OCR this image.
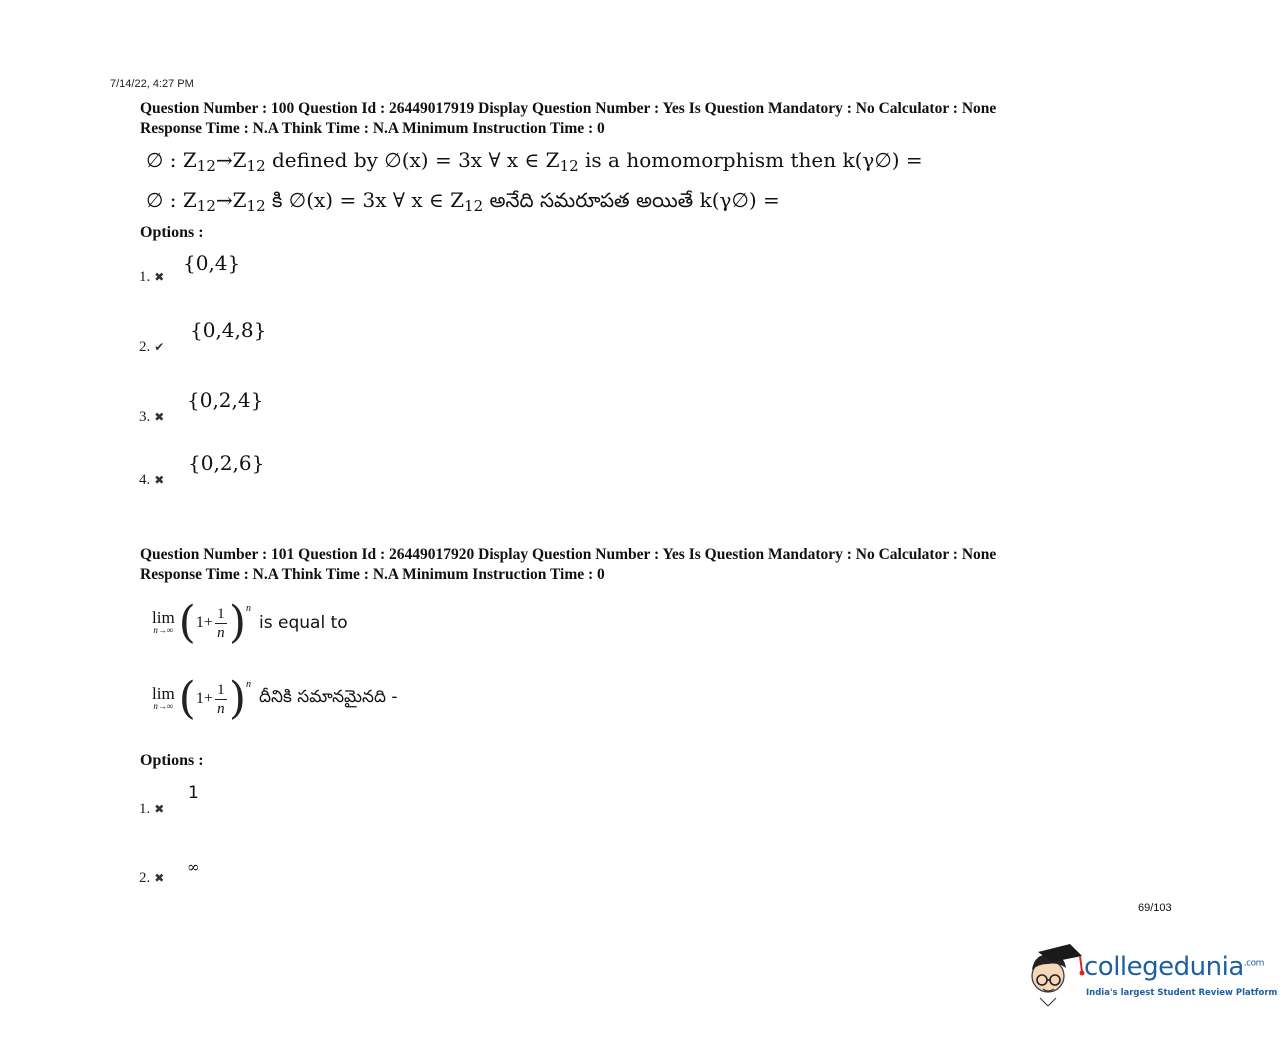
7/14/22, 4:27 PM
Question Number : 100 Question Id : 26449017919 Display Question Number : Yes Is Question Mandatory : No Calculator : None
Response Time : N.A Think Time : N.A Minimum Instruction Time : 0
∅ : $Z_{12}\to Z_{12}$ defined by ∅(x) = 3x ∀ x ∈ $Z_{12}$ is a homomorphism then k(γ∅) =
∅ : $Z_{12}\to Z_{12}$ కి ∅(x) = 3x ∀ x ∈ $Z_{12}$ అనేది సమరూపత అయితే k(γ∅) =
Options :
1. ✖
{0,4}
2. ✔
{0,4,8}
3. ✖
{0,2,4}
4. ✖
{0,2,6}
Question Number : 101 Question Id : 26449017920 Display Question Number : Yes Is Question Mandatory : No Calculator : None
Response Time : N.A Think Time : N.A Minimum Instruction Time : 0
lim
n→∞ ( $1+ \frac{1}{n}$ ) n
is equal to
lim
n→∞ ( $1+ \frac{1}{n}$ ) n
దీనికి సమానమైనది -
Options :
1. ✖
1
2. ✖
∞
69/103
collegedunia$^{.com}$
India's largest Student Review Platform
